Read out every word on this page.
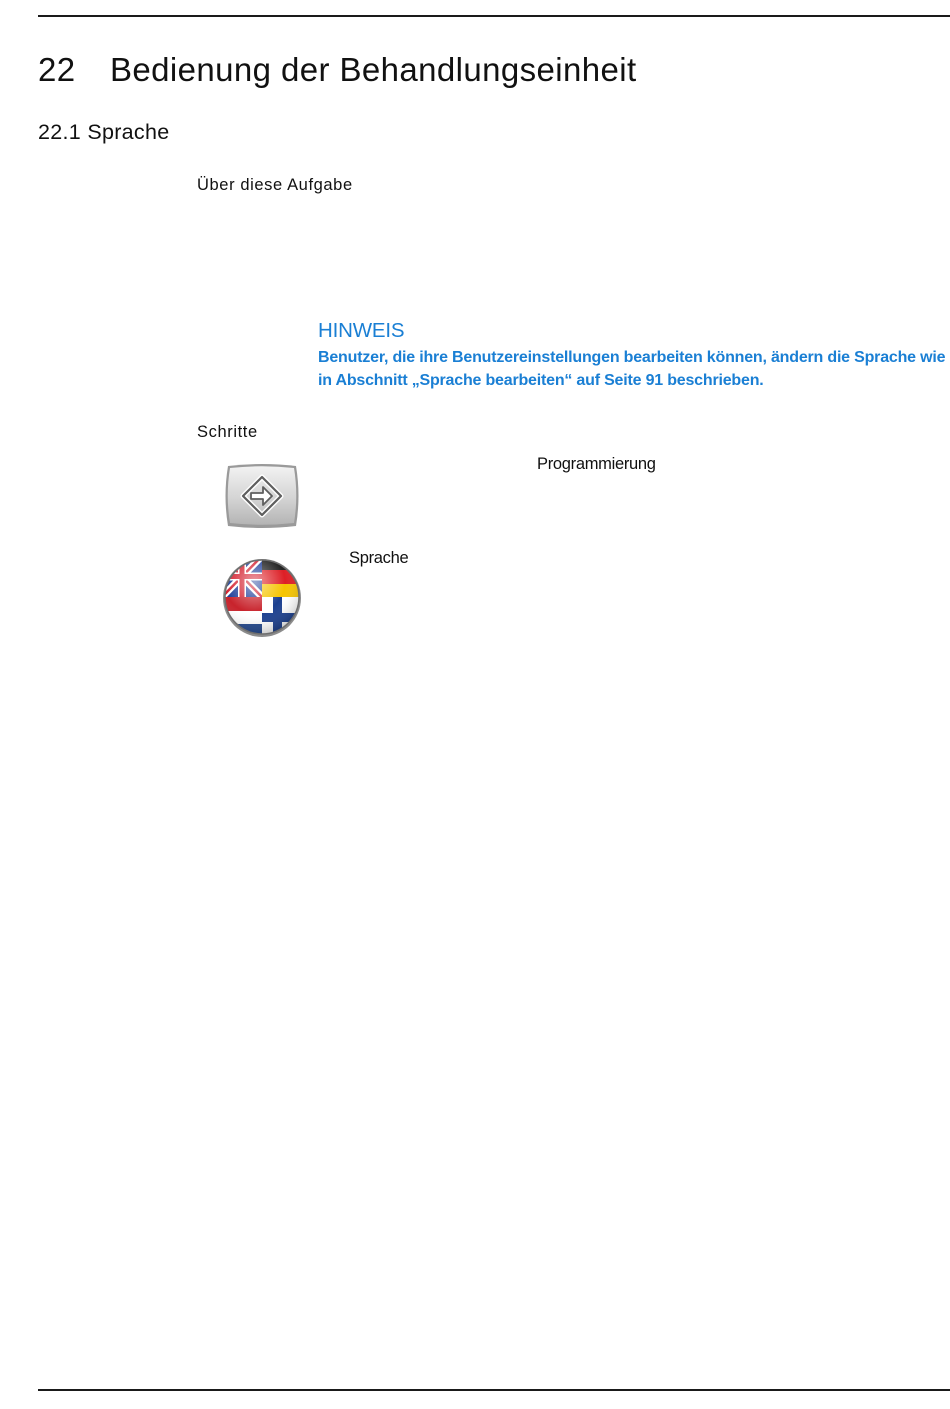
22 Bedienung der Behandlungseinheit
22.1 Sprache
Über diese Aufgabe
HINWEIS
Benutzer, die ihre Benutzereinstellungen bearbeiten können, ändern die Sprache wie in Abschnitt „Sprache bearbeiten“ auf Seite 91 beschrieben.
Schritte
Programmierung
Sprache
